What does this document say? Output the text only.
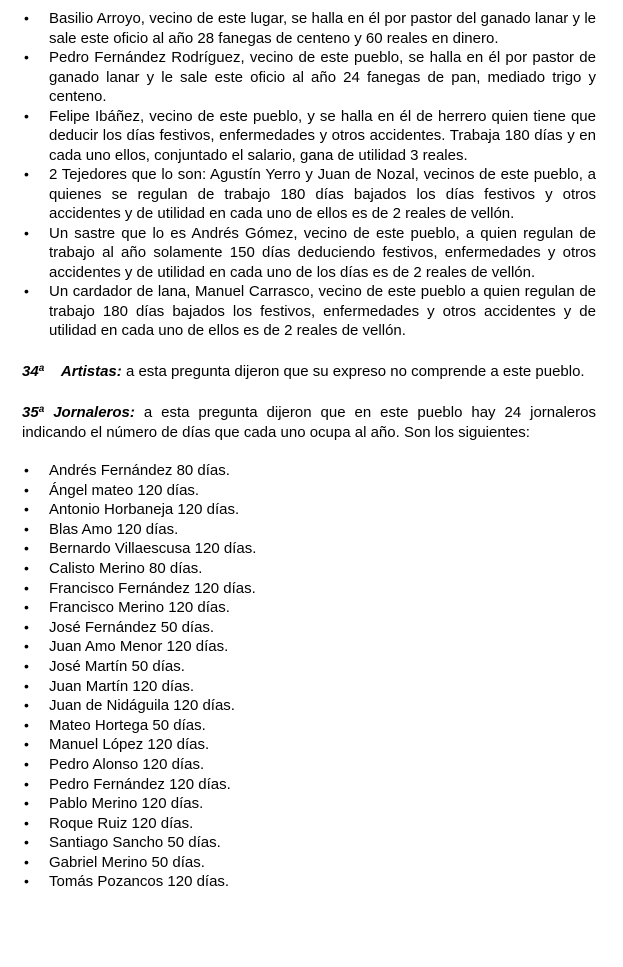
• Basilio Arroyo, vecino de este lugar, se halla en él por pastor del ganado lanar y le sale este oficio al año 28 fanegas de centeno y 60 reales en dinero.
• Pedro Fernández Rodríguez, vecino de este pueblo, se halla en él por pastor de ganado lanar y le sale este oficio al año 24 fanegas de pan, mediado trigo y centeno.
• Felipe Ibáñez, vecino de este pueblo, y se halla en él de herrero quien tiene que deducir los días festivos, enfermedades y otros accidentes. Trabaja 180 días y en cada uno ellos, conjuntado el salario, gana de utilidad 3 reales.
• 2 Tejedores que lo son: Agustín Yerro y Juan de Nozal, vecinos de este pueblo, a quienes se regulan de trabajo 180 días bajados los días festivos y otros accidentes y de utilidad en cada uno de ellos es de 2 reales de vellón.
• Un sastre que lo es Andrés Gómez, vecino de este pueblo, a quien regulan de trabajo al año solamente 150 días deduciendo festivos, enfermedades y otros accidentes y de utilidad en cada uno de los días es de 2 reales de vellón.
• Un cardador de lana, Manuel Carrasco, vecino de este pueblo a quien regulan de trabajo 180 días bajados los festivos, enfermedades y otros accidentes y de utilidad en cada uno de ellos es de 2 reales de vellón.

34$^a$ Artistas: a esta pregunta dijeron que su expreso no comprende a este pueblo.

35$^a$ Jornaleros: a esta pregunta dijeron que en este pueblo hay 24 jornaleros indicando el número de días que cada uno ocupa al año. Son los siguientes:

• Andrés Fernández 80 días.
• Ángel mateo 120 días.
• Antonio Horbaneja 120 días.
• Blas Amo 120 días.
• Bernardo Villaescusa 120 días.
• Calisto Merino 80 días.
• Francisco Fernández 120 días.
• Francisco Merino 120 días.
• José Fernández 50 días.
• Juan Amo Menor 120 días.
• José Martín 50 días.
• Juan Martín 120 días.
• Juan de Nidáguila 120 días.
• Mateo Hortega 50 días.
• Manuel López 120 días.
• Pedro Alonso 120 días.
• Pedro Fernández 120 días.
• Pablo Merino 120 días.
• Roque Ruiz 120 días.
• Santiago Sancho 50 días.
• Gabriel Merino 50 días.
• Tomás Pozancos 120 días.
